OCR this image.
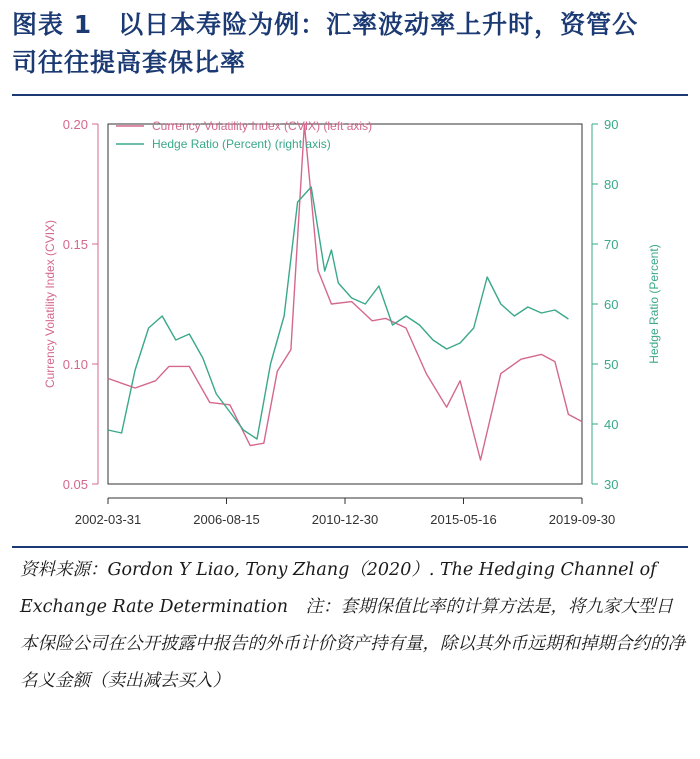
图表 1　以日本寿险为例：汇率波动率上升时，资管公
司往往提高套保比率
0.05
0.10
0.15
0.20
Currency Volatility Index (CVIX)
30
40
50
60
70
80
90
Hedge Ratio (Percent)
2002-03-31	2006-08-15	2010-12-30	2015-05-16	2019-09-30
Currency Volatility Index (CVIX) (left axis)
Hedge Ratio (Percent) (right axis)
资料来源：Gordon Y Liao, Tony Zhang（2020）. The Hedging Channel of Exchange Rate Determination　注：套期保值比率的计算方法是，将九家大型日本保险公司在公开披露中报告的外币计价资产持有量，除以其外币远期和掉期合约的净名义金额（卖出减去买入）
